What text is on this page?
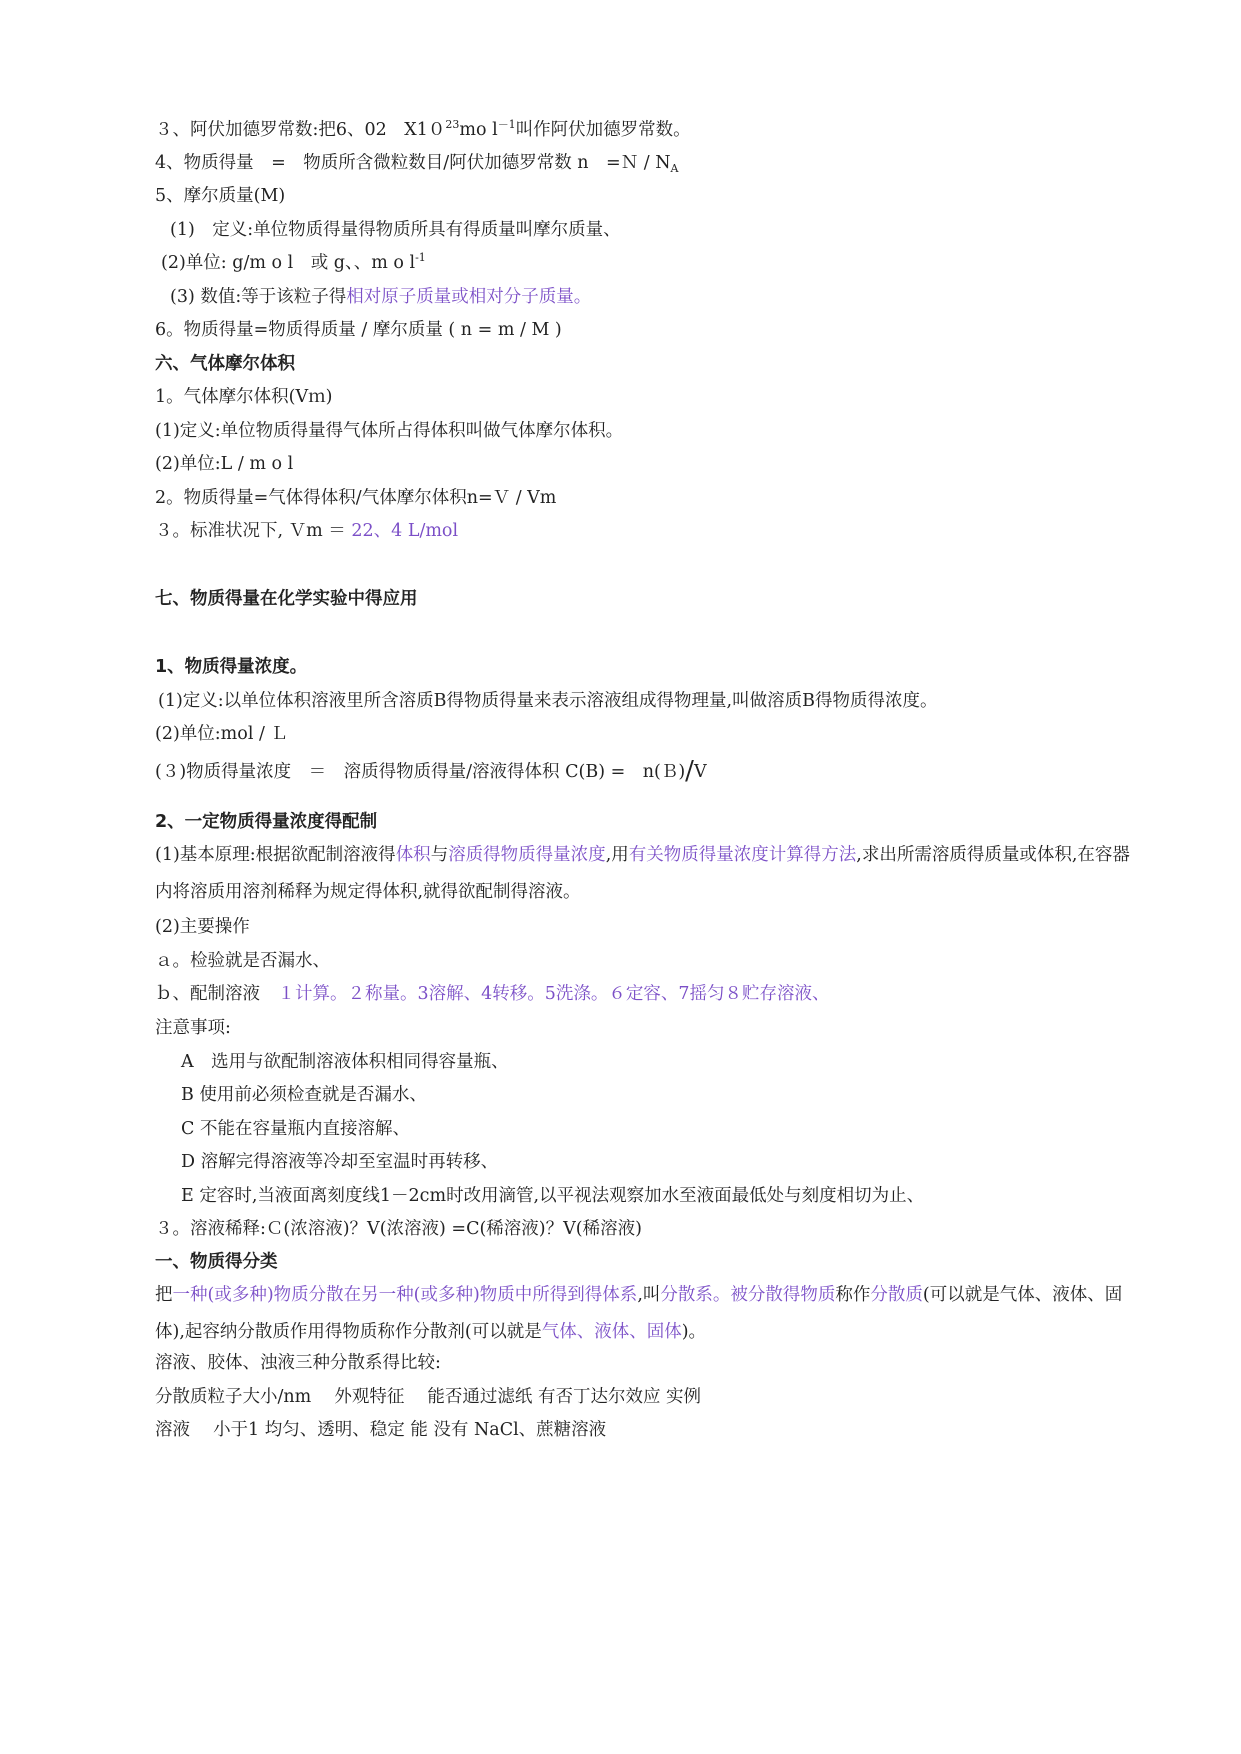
３、阿伏加德罗常数:把6、02　$X10^{23}mo$ $l^{-1}$叫作阿伏加德罗常数。
4、物质得量　=　物质所含微粒数目/阿伏加德罗常数 n　=Ｎ / $N_A$
5、摩尔质量(M)
(1)　定义:单位物质得量得物质所具有得质量叫摩尔质量、
(2)单位: g/m o l　或 g、、m o $l^{-1}$
(3) 数值:等于该粒子得相对原子质量或相对分子质量。
6。物质得量=物质得质量 / 摩尔质量 ( n = m / M )
六、气体摩尔体积
1。气体摩尔体积(Vｍ)
(1)定义:单位物质得量得气体所占得体积叫做气体摩尔体积。
(2)单位:L / m o l
2。物质得量=气体得体积/气体摩尔体积n=Ｖ / Vm
３。标准状况下, Ｖm ＝ 22、4 L/mol
七、物质得量在化学实验中得应用
1、物质得量浓度。
(1)定义:以单位体积溶液里所含溶质B得物质得量来表示溶液组成得物理量,叫做溶质B得物质得浓度。
(2)单位:mol / Ｌ
(３)物质得量浓度　＝　溶质得物质得量/溶液得体积 C(B) =　n(Ｂ)/V
2、一定物质得量浓度得配制
(1)基本原理:根据欲配制溶液得体积与溶质得物质得量浓度,用有关物质得量浓度计算得方法,求出所需溶质得质量或体积,在容器内将溶质用溶剂稀释为规定得体积,就得欲配制得溶液。
(2)主要操作
ａ。检验就是否漏水、
ｂ、配制溶液　１计算。２称量。3溶解、4转移。5洗涤。６定容、7摇匀８贮存溶液、
注意事项:
A　选用与欲配制溶液体积相同得容量瓶、
B 使用前必须检查就是否漏水、
C 不能在容量瓶内直接溶解、
D 溶解完得溶液等冷却至室温时再转移、
E 定容时,当液面离刻度线1－2cm时改用滴管,以平视法观察加水至液面最低处与刻度相切为止、
３。溶液稀释:Ｃ(浓溶液)？V(浓溶液) =C(稀溶液)？V(稀溶液)
一、物质得分类
把一种(或多种)物质分散在另一种(或多种)物质中所得到得体系,叫分散系。被分散得物质称作分散质(可以就是气体、液体、固体),起容纳分散质作用得物质称作分散剂(可以就是气体、液体、固体)。
溶液、胶体、浊液三种分散系得比较:
分散质粒子大小/nm　 外观特征　 能否通过滤纸 有否丁达尔效应 实例
溶液　 小于1 均匀、透明、稳定 能 没有 NaCl、蔗糖溶液
